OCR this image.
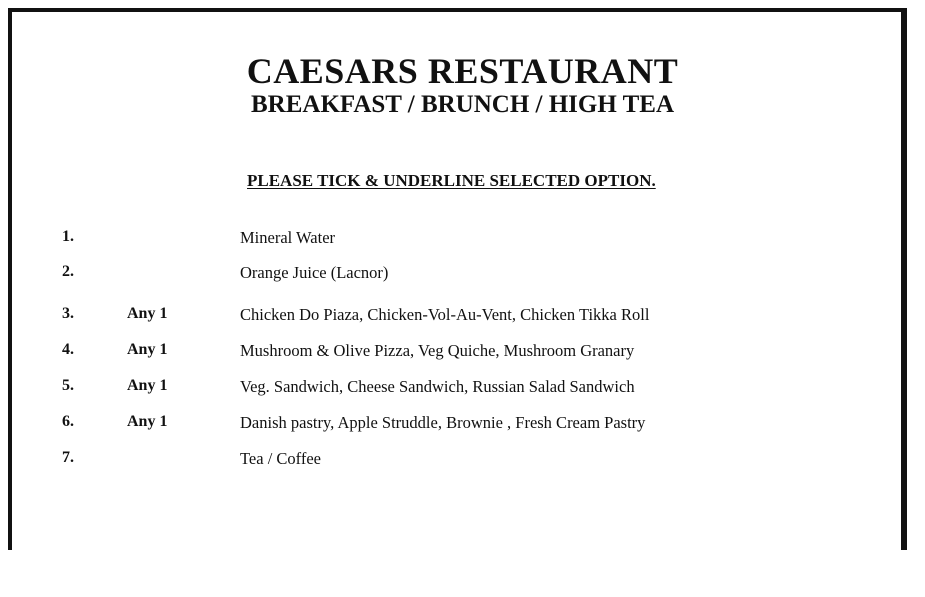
CAESARS RESTAURANT
BREAKFAST / BRUNCH / HIGH TEA

PLEASE TICK & UNDERLINE SELECTED OPTION.

1.	Mineral Water
2.	Orange Juice (Lacnor)
3.	Any 1	Chicken Do Piaza, Chicken-Vol-Au-Vent, Chicken Tikka Roll
4.	Any 1	Mushroom & Olive Pizza, Veg Quiche, Mushroom Granary
5.	Any 1	Veg. Sandwich, Cheese Sandwich, Russian Salad Sandwich
6.	Any 1	Danish pastry, Apple Struddle, Brownie , Fresh Cream Pastry
7.	Tea / Coffee
